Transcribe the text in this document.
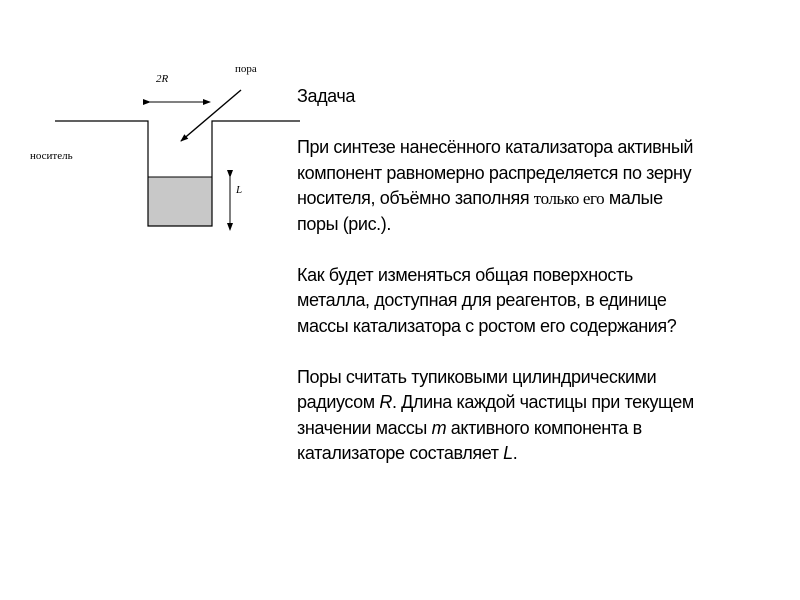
пора
2R
носитель
L

Задача

При синтезе нанесённого катализатора активный

компонент равномерно распределяется по зерну

носителя, объёмно заполняя только его малые

поры (рис.).

Как будет изменяться общая поверхность

металла, доступная для реагентов, в единице

массы катализатора с ростом его содержания?

Поры считать тупиковыми цилиндрическими

радиусом R. Длина каждой частицы при текущем

значении массы m активного компонента в

катализаторе составляет L.
